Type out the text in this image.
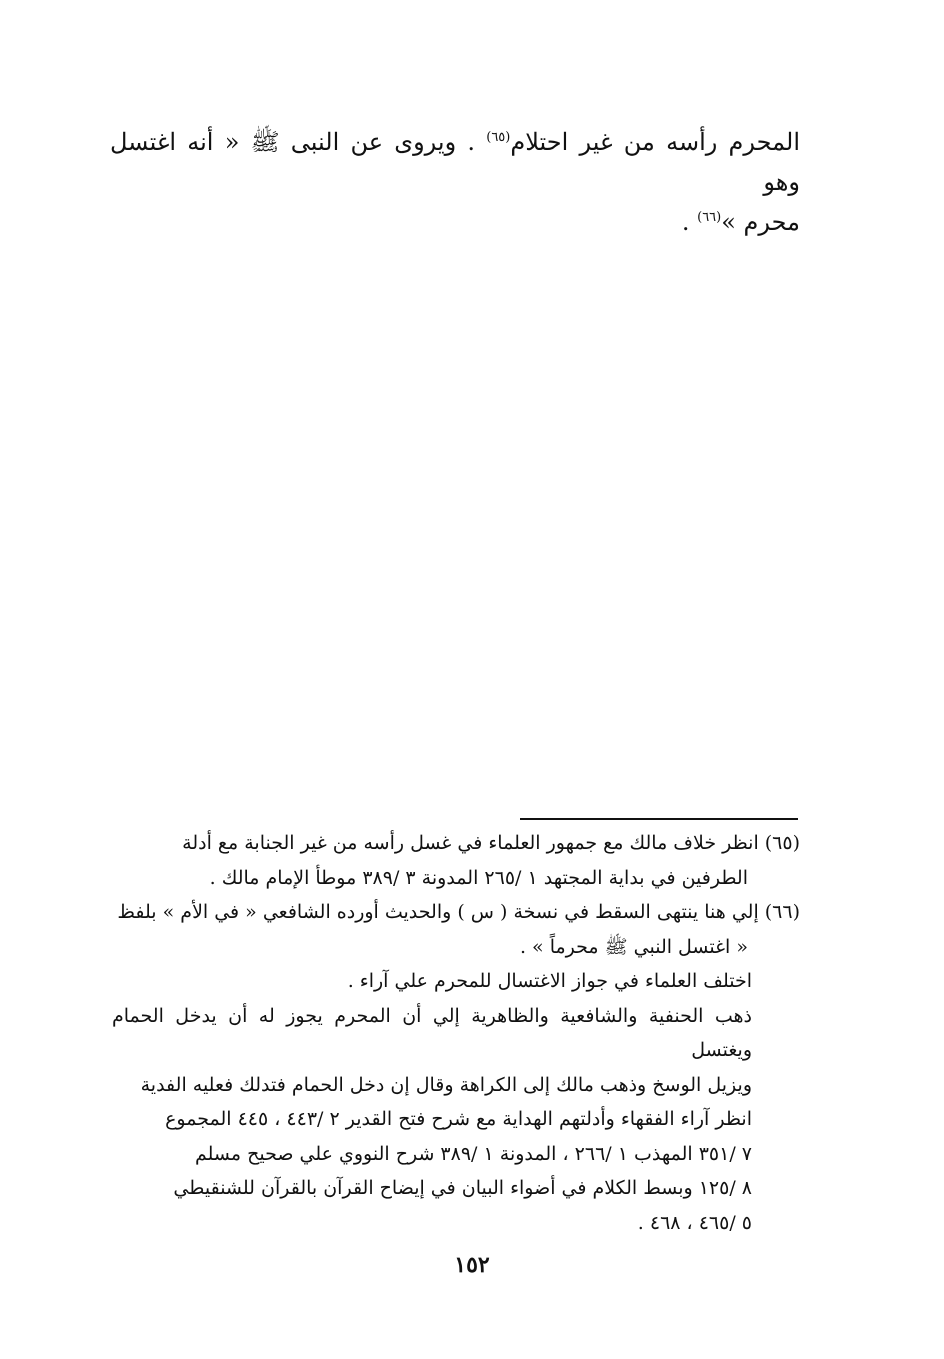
المحرم رأسه من غير احتلام$^{(٦٥)}$ . ويروى عن النبى ﷺ « أنه اغتسل وهو

محرم »$^{(٦٦)}$ .

(٦٥)انظر خلاف مالك مع جمهور العلماء في غسل رأسه من غير الجنابة مع أدلة

الطرفين في بداية المجتهد ١ /٢٦٥ المدونة ٣ /٣٨٩ موطأ الإمام مالك .

(٦٦)إلي هنا ينتهى السقط في نسخة ( س ) والحديث أورده الشافعي « في الأم » بلفظ

« اغتسل النبي ﷺ محرماً » .

اختلف العلماء في جواز الاغتسال للمحرم علي آراء .

ذهب الحنفية والشافعية والظاهرية إلي أن المحرم يجوز له أن يدخل الحمام ويغتسل

ويزيل الوسخ وذهب مالك إلى الكراهة وقال إن دخل الحمام فتدلك فعليه الفدية

انظر آراء الفقهاء وأدلتهم الهداية مع شرح فتح القدير ٢ /٤٤٣ ، ٤٤٥ المجموع

٧ /٣٥١ المهذب ١ /٢٦٦ ، المدونة ١ /٣٨٩ شرح النووي علي صحيح مسلم

٨ /١٢٥ وبسط الكلام في أضواء البيان في إيضاح القرآن بالقرآن للشنقيطي

٥ /٤٦٥ ، ٤٦٨ .

١٥٢
